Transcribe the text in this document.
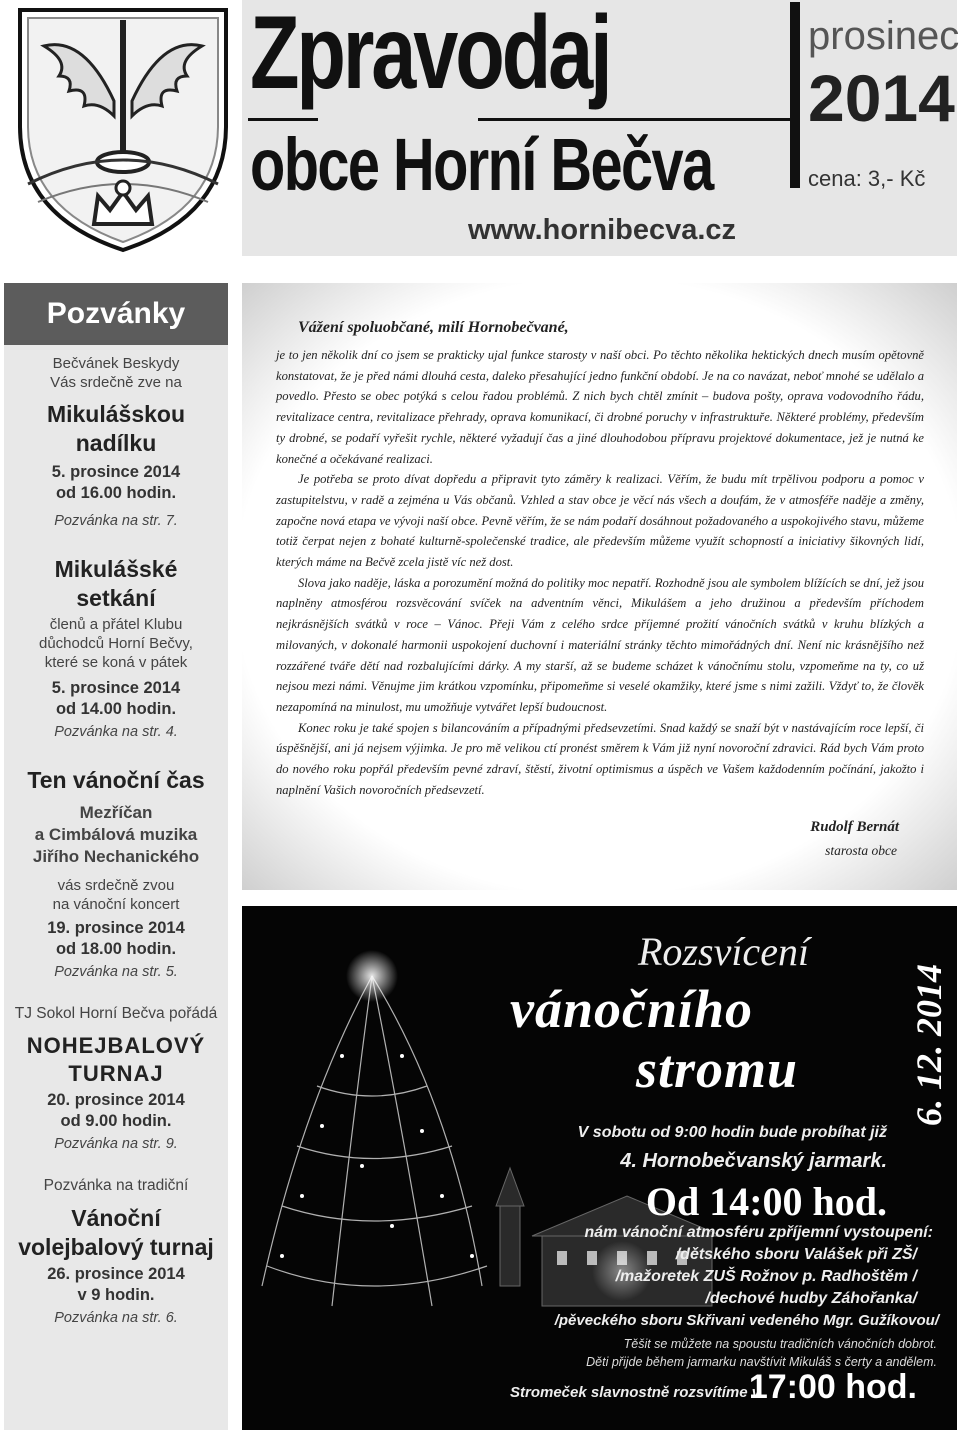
Zpravodaj
obce Horní Bečva
www.hornibecva.cz
prosinec
2014
cena: 3,- Kč
Pozvánky
Bečvánek Beskydy
Vás srdečně zve na
Mikulášskou
nadílku
5. prosince 2014
od 16.00 hodin.
Pozvánka na str. 7.
Mikulášské
setkání
členů a přátel Klubu
důchodců Horní Bečvy,
které se koná v pátek
5. prosince 2014
od 14.00 hodin.
Pozvánka na str. 4.
Ten vánoční čas
Mezříčan
a Cimbálová muzika
Jiřího Nechanického
vás srdečně zvou
na vánoční koncert
19. prosince 2014
od 18.00 hodin.
Pozvánka na str. 5.
TJ Sokol Horní Bečva pořádá
NOHEJBALOVÝ
TURNAJ
20. prosince 2014
od 9.00 hodin.
Pozvánka na str. 9.
Pozvánka na tradiční
Vánoční
volejbalový turnaj
26. prosince 2014
v 9 hodin.
Pozvánka na str. 6.
Vážení spoluobčané, milí Hornobečvané,

je to jen několik dní co jsem se prakticky ujal funkce starosty v naší obci. Po těchto několika hektických dnech musím opětovně konstatovat, že je před námi dlouhá cesta, daleko přesahující jedno funkční období. Je na co navázat, neboť mnohé se udělalo a povedlo. Přesto se obec potýká s celou řadou problémů. Z nich bych chtěl zmínit – budova pošty, oprava vodovodního řádu, revitalizace centra, revitalizace přehrady, oprava komunikací, či drobné poruchy v infrastruktuře. Některé problémy, především ty drobné, se podaří vyřešit rychle, některé vyžadují čas a jiné dlouhodobou přípravu projektové dokumentace, jež je nutná ke konečné a očekávané realizaci.

Je potřeba se proto dívat dopředu a připravit tyto záměry k realizaci. Věřím, že budu mít trpělivou podporu a pomoc v zastupitelstvu, v radě a zejména u Vás občanů. Vzhled a stav obce je věcí nás všech a doufám, že v atmosféře naděje a změny, započne nová etapa ve vývoji naší obce. Pevně věřím, že se nám podaří dosáhnout požadovaného a uspokojivého stavu, můžeme totiž čerpat nejen z bohaté kulturně-společenské tradice, ale především můžeme využít schopností a iniciativy šikovných lidí, kterých máme na Bečvě zcela jistě víc než dost.

Slova jako naděje, láska a porozumění možná do politiky moc nepatří. Rozhodně jsou ale symbolem blížících se dní, jež jsou naplněny atmosférou rozsvěcování svíček na adventním věnci, Mikulášem a jeho družinou a především příchodem nejkrásnějších svátků v roce – Vánoc. Přeji Vám z celého srdce příjemné prožití vánočních svátků v kruhu blízkých a milovaných, v dokonalé harmonii uspokojení duchovní i materiální stránky těchto mimořádných dní. Není nic krásnějšího než rozzářené tváře dětí nad rozbalujícími dárky. A my starší, až se budeme scházet k vánočnímu stolu, vzpomeňme na ty, co už nejsou mezi námi. Věnujme jim krátkou vzpomínku, připomeňme si veselé okamžiky, které jsme s nimi zažili. Vždyť to, že člověk nezapomíná na minulost, mu umožňuje vytvářet lepší budoucnost.

Konec roku je také spojen s bilancováním a případnými předsevzetími. Snad každý se snaží být v nastávajícím roce lepší, či úspěšnější, ani já nejsem výjimka. Je pro mě velikou ctí pronést směrem k Vám již nyní novoroční zdravici. Rád bych Vám proto do nového roku popřál především pevné zdraví, štěstí, životní optimismus a úspěch ve Vašem každodenním počínání, jakožto i naplnění Vašich novoročních předsevzetí.

Rudolf Bernát
starosta obce
Rozsvícení
vánočního
stromu	6. 12. 2014
V sobotu od 9:00 hodin bude probíhat již
4. Hornobečvanský jarmark.
Od 14:00 hod.
nám vánoční atmosféru zpříjemní vystoupení:
/dětského sboru Valášek při ZŠ/
/mažoretek ZUŠ Rožnov p. Radhoštěm /
/dechové hudby Záhořanka/
/pěveckého sboru Skřivani vedeného Mgr. Gužíkovou/
Těšit se můžete na spoustu tradičních vánočních dobrot.
Děti přijde během jarmarku navštívit Mikuláš s čerty a andělem.
Stromeček slavnostně rozsvítíme v
17:00 hod.
